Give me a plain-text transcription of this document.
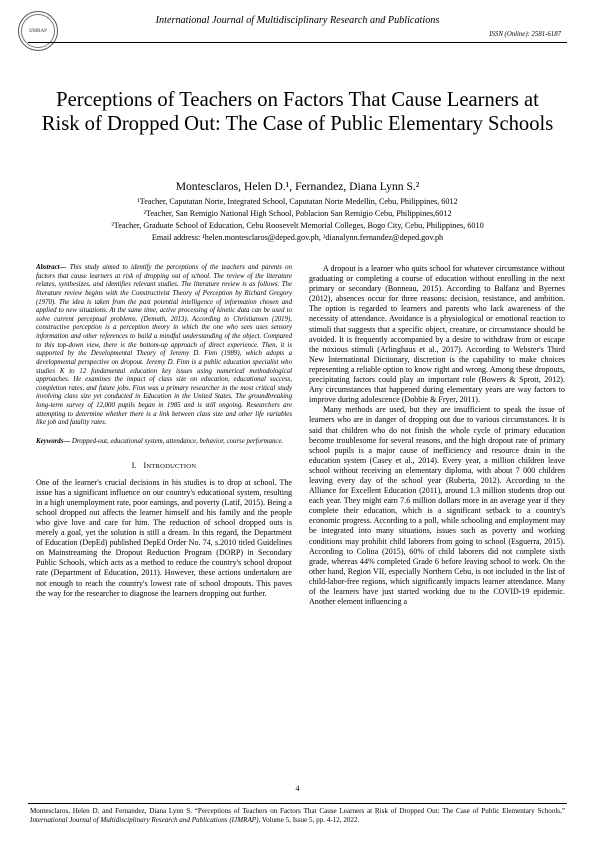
IJMRAP
International Journal of Multidisciplinary Research and Publications
ISSN (Online): 2581-6187
Perceptions of Teachers on Factors That Cause Learners at Risk of Dropped Out: The Case of Public Elementary Schools
Montesclaros, Helen D.¹, Fernandez, Diana Lynn S.²
¹Teacher, Caputatan Norte, Integrated School, Caputatan Norte Medellin, Cebu, Philippines, 6012
²Teacher, San Remigio National High School, Poblacion San Remigio Cebu, Philippines,6012
²Teacher, Graduate School of Education, Cebu Roosevelt Memorial Colleges, Bogo City, Cebu, Philippines, 6010
Email address: ¹helen.montesclaros@deped.gov.ph, ²dianalynn.fernandez@deped.gov.ph
Abstract— This study aimed to identify the perceptions of the teachers and parents on factors that cause learners at risk of dropping out of school. The review of the literature relates, synthesizes, and identifies relevant studies. The literature review is as follows. The literature review begins with the Constructivist Theory of Perception by Richard Gregory (1970). The idea is taken from the past potential intelligence of information chosen and applied to new situations. At the same time, active processing of kinetic data can be used to solve current perceptual problems. (Demuth, 2013). According to Christiansen (2019), constructive perception is a perception theory in which the one who sees uses sensory information and other references to build a mindful understanding of the object. Compared to this top-down view, there is the bottom-up approach of direct experience. Then, it is supported by the Developmental Theory of Jeremy D. Finn (1989), which adopts a developmental perspective on dropout. Jeremy D. Finn is a public education specialist who studies K to 12 fundamental education key issues using numerical methodological approaches. He examines the impact of class size on education, educational success, completion rates, and future jobs. Finn was a primary researcher in the most critical study involving class size yet conducted in Education in the United States. The groundbreaking long-term survey of 12,000 pupils began in 1985 and is still ongoing. Researchers are attempting to determine whether there is a link between class size and other life variables like job and fatality rates.
Keywords— Dropped-out, educational system, attendance, behavior, course performance.
I. INTRODUCTION
One of the learner's crucial decisions in his studies is to drop at school. The issue has a significant influence on our country's educational system, resulting in a high unemployment rate, poor earnings, and poverty (Latif, 2015). Being a school dropped out affects the learner himself and his family and the people who give love and care for him. The reduction of school dropped outs is merely a goal, yet the solution is still a dream. In this regard, the Department of Education (DepEd) published DepEd Order No. 74, s.2010 titled Guidelines on Mainstreaming the Dropout Reduction Program (DORP) in Secondary Public Schools, which acts as a method to reduce the country's school dropout rate (Department of Education, 2011). However, these actions undertaken are not enough to reach the country's lowest rate of school dropouts. This paves the way for the researcher to diagnose the learners dropping out further.
A dropout is a learner who quits school for whatever circumstance without graduating or completing a course of education without enrolling in the next primary or secondary (Bonneau, 2015). According to Balfanz and Byernes (2012), absences occur for three reasons: decision, resistance, and ambition. The option is regarded to learners and parents who lack awareness of the necessity of attendance. Avoidance is a physiological or emotional reaction to stimuli that suggests that a specific object, creature, or circumstance should be avoided. It is frequently accompanied by a desire to withdraw from or escape the noxious stimuli (Arlinghaus et al., 2017). According to Webster's Third New International Dictionary, discretion is the capability to make choices representing a reliable option to know right and wrong. Among these dropouts, precipitating factors could play an important role (Bowers & Sprott, 2012). Any circumstances that happened during elementary years are way factors to improve during adolescence (Dobbie & Fryer, 2011).
Many methods are used, but they are insufficient to speak the issue of learners who are in danger of dropping out due to various circumstances. It is said that children who do not finish the whole cycle of primary education become troublesome for several reasons, and the high dropout rate of primary school pupils is a major cause of inefficiency and resource drain in the education system (Casey et al., 2014). Every year, a million children leave school without receiving an elementary diploma, with about 7 000 children leaving every day of the school year (Ruberta, 2012). According to the Alliance for Excellent Education (2011), around 1.3 million students drop out each year. They might earn 7.6 million dollars more in an average year if they complete their education, which is a significant setback to a country's economic progress. According to a poll, while schooling and employment may be integrated into many situations, issues such as poverty and working conditions may prohibit child laborers from going to school (Esguerra, 2015). According to Colina (2015), 60% of child laborers did not complete sixth grade, whereas 44% completed Grade 6 before leaving school to work. On the other hand, Region VII, especially Northern Cebu, is not included in the list of child-labor-free regions, which significantly impacts learner attendance. Many of the learners have just started working due to the COVID-19 epidemic. Another element influencing a
4
Montesclaros, Helen D. and Fernandez, Diana Lynn S. “Perceptions of Teachers on Factors That Cause Learners at Risk of Dropped Out: The Case of Public Elementary Schools,” International Journal of Multidisciplinary Research and Publications (IJMRAP), Volume 5, Issue 5, pp. 4-12, 2022.
